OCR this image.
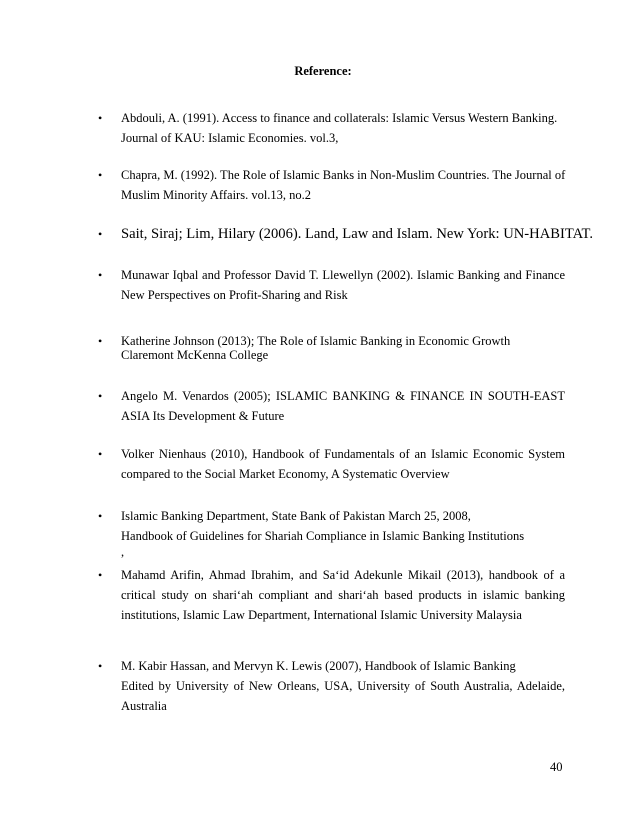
Reference:
• Abdouli, A. (1991). Access to finance and collaterals: Islamic Versus Western Banking.
Journal of KAU: Islamic Economies. vol.3,
• Chapra, M. (1992). The Role of Islamic Banks in Non-Muslim Countries. The Journal of
Muslim Minority Affairs. vol.13, no.2
• Sait, Siraj; Lim, Hilary (2006). Land, Law and Islam. New York: UN-HABITAT.
• Munawar Iqbal and Professor David T. Llewellyn (2002). Islamic Banking and Finance
New Perspectives on Profit-Sharing and Risk
• Katherine Johnson (2013); The Role of Islamic Banking in Economic Growth
Claremont McKenna College
• Angelo M. Venardos (2005); ISLAMIC BANKING & FINANCE IN SOUTH-EAST
ASIA Its Development & Future
• Volker Nienhaus (2010), Handbook of Fundamentals of an Islamic Economic System
compared to the Social Market Economy, A Systematic Overview
• Islamic Banking Department, State Bank of Pakistan March 25, 2008,
Handbook of Guidelines for Shariah Compliance in Islamic Banking Institutions
,
• Mahamd Arifin, Ahmad Ibrahim, and Sa‘id Adekunle Mikail (2013), handbook of a
critical study on shari‘ah compliant and shari‘ah based products in islamic banking
institutions, Islamic Law Department, International Islamic University Malaysia
• M. Kabir Hassan, and Mervyn K. Lewis (2007), Handbook of Islamic Banking
Edited by University of New Orleans, USA, University of South Australia, Adelaide,
Australia
40
